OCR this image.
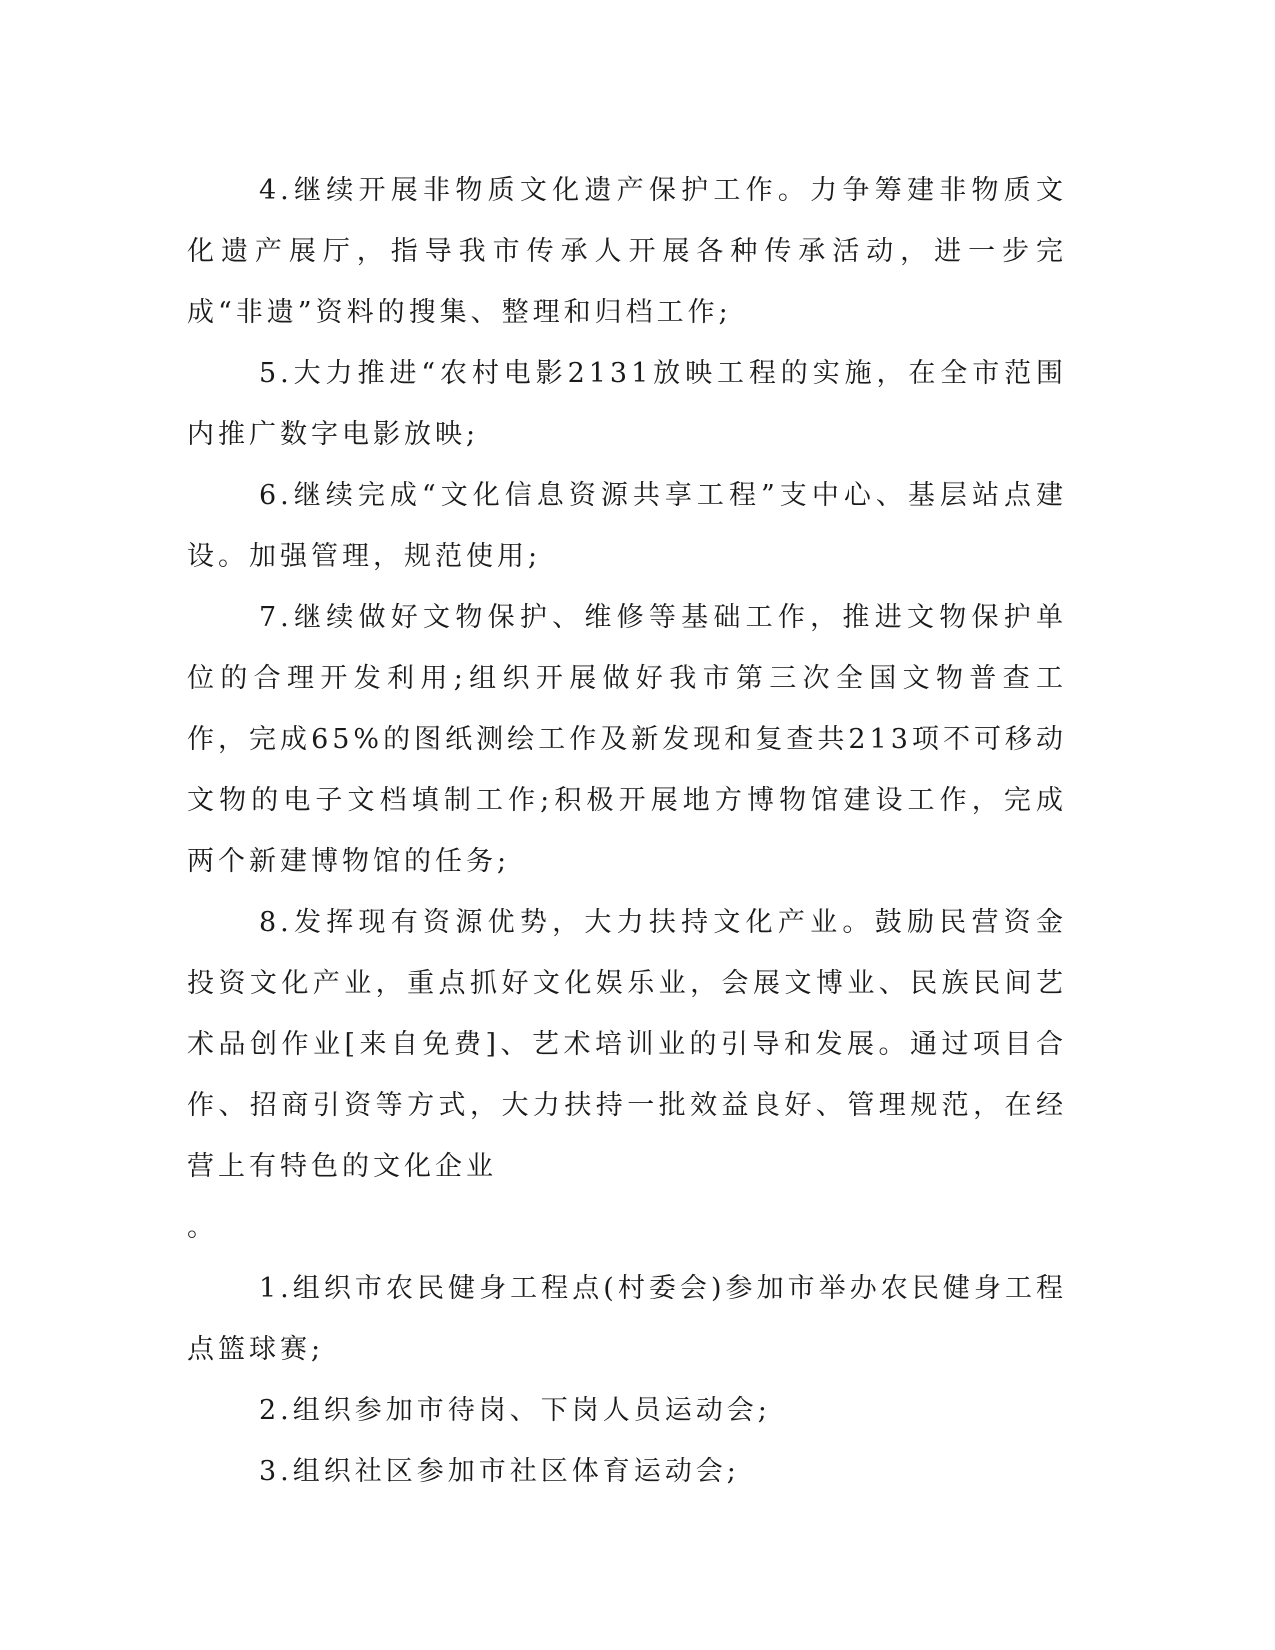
4.继续开展非物质文化遗产保护工作。力争筹建非物质文化遗产展厅，指导我市传承人开展各种传承活动，进一步完成“非遗”资料的搜集、整理和归档工作;

5.大力推进“农村电影2131放映工程的实施，在全市范围内推广数字电影放映;

6.继续完成“文化信息资源共享工程”支中心、基层站点建设。加强管理，规范使用;

7.继续做好文物保护、维修等基础工作，推进文物保护单位的合理开发利用;组织开展做好我市第三次全国文物普查工作，完成65%的图纸测绘工作及新发现和复查共213项不可移动文物的电子文档填制工作;积极开展地方博物馆建设工作，完成两个新建博物馆的任务;

8.发挥现有资源优势，大力扶持文化产业。鼓励民营资金投资文化产业，重点抓好文化娱乐业，会展文博业、民族民间艺术品创作业[来自免费]、艺术培训业的引导和发展。通过项目合作、招商引资等方式，大力扶持一批效益良好、管理规范，在经营上有特色的文化企业

。

1.组织市农民健身工程点(村委会)参加市举办农民健身工程点篮球赛;

2.组织参加市待岗、下岗人员运动会;

3.组织社区参加市社区体育运动会;
